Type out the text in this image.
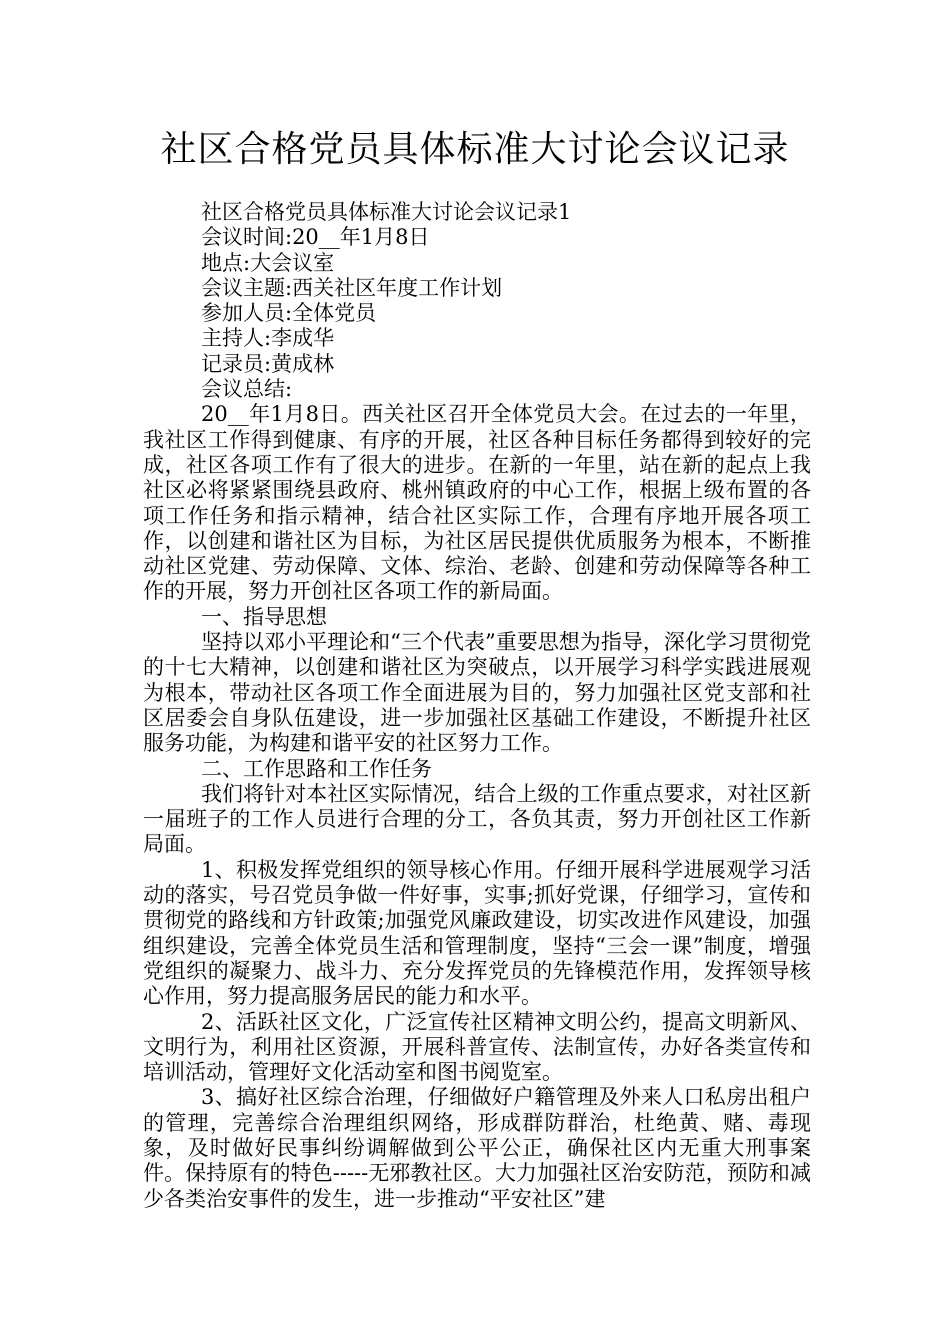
社区合格党员具体标准大讨论会议记录

社区合格党员具体标准大讨论会议记录1

会议时间:20__年1月8日

地点:大会议室

会议主题:西关社区年度工作计划

参加人员:全体党员

主持人:李成华

记录员:黄成林

会议总结:

20__年1月8日。西关社区召开全体党员大会。在过去的一年里，我社区工作得到健康、有序的开展，社区各种目标任务都得到较好的完成，社区各项工作有了很大的进步。在新的一年里，站在新的起点上我社区必将紧紧围绕县政府、桃州镇政府的中心工作，根据上级布置的各项工作任务和指示精神，结合社区实际工作，合理有序地开展各项工作，以创建和谐社区为目标，为社区居民提供优质服务为根本，不断推动社区党建、劳动保障、文体、综治、老龄、创建和劳动保障等各种工作的开展，努力开创社区各项工作的新局面。

一、指导思想

坚持以邓小平理论和“三个代表”重要思想为指导，深化学习贯彻党的十七大精神，以创建和谐社区为突破点，以开展学习科学实践进展观为根本，带动社区各项工作全面进展为目的，努力加强社区党支部和社区居委会自身队伍建设，进一步加强社区基础工作建设，不断提升社区服务功能，为构建和谐平安的社区努力工作。

二、工作思路和工作任务

我们将针对本社区实际情况，结合上级的工作重点要求，对社区新一届班子的工作人员进行合理的分工，各负其责，努力开创社区工作新局面。

1、积极发挥党组织的领导核心作用。仔细开展科学进展观学习活动的落实，号召党员争做一件好事，实事;抓好党课，仔细学习，宣传和贯彻党的路线和方针政策;加强党风廉政建设，切实改进作风建设，加强组织建设，完善全体党员生活和管理制度，坚持“三会一课”制度，增强党组织的凝聚力、战斗力、充分发挥党员的先锋模范作用，发挥领导核心作用，努力提高服务居民的能力和水平。

2、活跃社区文化，广泛宣传社区精神文明公约，提高文明新风、文明行为，利用社区资源，开展科普宣传、法制宣传，办好各类宣传和培训活动，管理好文化活动室和图书阅览室。

3、搞好社区综合治理，仔细做好户籍管理及外来人口私房出租户的管理，完善综合治理组织网络，形成群防群治，杜绝黄、赌、毒现象，及时做好民事纠纷调解做到公平公正，确保社区内无重大刑事案件。保持原有的特色-----无邪教社区。大力加强社区治安防范，预防和减少各类治安事件的发生，进一步推动“平安社区”建
